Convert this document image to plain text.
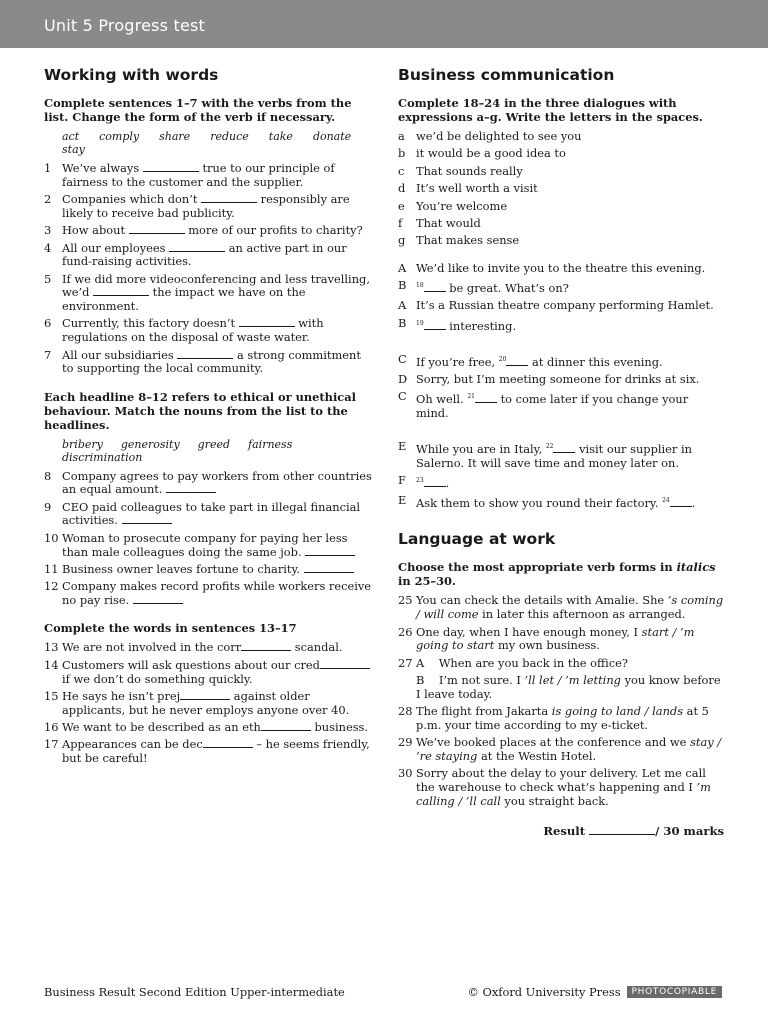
Unit 5 Progress test
Working with words
Complete sentences 1–7 with the verbs from the list. Change the form of the verb if necessary.
act comply share reduce take donate
stay
1 We’ve always	true to our principle of fairness to the customer and the supplier.
2 Companies which don’t	responsibly are likely to receive bad publicity.
3 How about	more of our profits to charity?
4 All our employees	an active part in our fund-raising activities.
5 If we did more videoconferencing and less travelling, we’d	the impact we have on the environment.
6 Currently, this factory doesn’t	with regulations on the disposal of waste water.
7 All our subsidiaries	a strong commitment to supporting the local community.
Each headline 8–12 refers to ethical or unethical behaviour. Match the nouns from the list to the headlines.
bribery generosity greed fairness
discrimination
8 Company agrees to pay workers from other countries an equal amount.
9 CEO paid colleagues to take part in illegal financial activities.
10 Woman to prosecute company for paying her less than male colleagues doing the same job.
11 Business owner leaves fortune to charity.
12 Company makes record profits while workers receive no pay rise.
Complete the words in sentences 13–17
13 We are not involved in the corr	scandal.
14 Customers will ask questions about our cred if we don’t do something quickly.
15 He says he isn’t prej	against older applicants, but he never employs anyone over 40.
16 We want to be described as an eth	business.
17 Appearances can be dec	– he seems friendly, but be careful!
Business communication
Complete 18–24 in the three dialogues with expressions a–g. Write the letters in the spaces.
a we’d be delighted to see you
b it would be a good idea to
c	That sounds really
d It’s well worth a visit
e You’re welcome
f	That would
g That makes sense
A We’d like to invite you to the theatre this evening.
B	$^{18}$ be great. What’s on?
A It’s a Russian theatre company performing Hamlet.
B	$^{19}$ interesting.
C If you’re free, $^{20}$ at dinner this evening.
D Sorry, but I’m meeting someone for drinks at six.
C Oh well. $^{21}$ to come later if you change your mind.
E While you are in Italy, $^{22}$ visit our supplier in Salerno. It will save time and money later on.
F	$^{23}$ .
E Ask them to show you round their factory. $^{24}$ .
Language at work
Choose the most appropriate verb forms in italics in 25–30.
25 You can check the details with Amalie. She ’s coming / will come in later this afternoon as arranged.
26 One day, when I have enough money, I start / ’m going to start my own business.
27 A    When are you back in the office?
B    I’m not sure. I ’ll let / ’m letting you know before I leave today.
28 The flight from Jakarta is going to land / lands at 5 p.m. your time according to my e-ticket.
29 We’ve booked places at the conference and we stay / ’re staying at the Westin Hotel.
30 Sorry about the delay to your delivery. Let me call the warehouse to check what’s happening and I ’m calling / ’ll call you straight back.
Result	/ 30 marks
Business Result Second Edition Upper-intermediate	© Oxford University Press	PHOTOCOPIABLE
